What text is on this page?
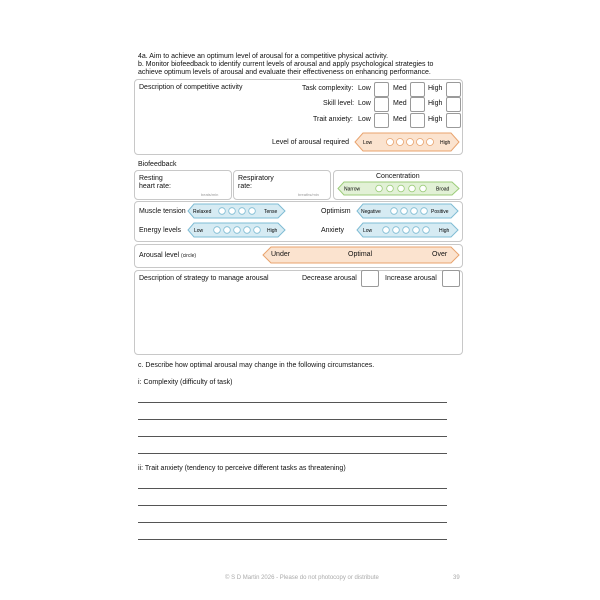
4a. Aim to achieve an optimum level of arousal for a competitive physical activity.
b. Monitor biofeedback to identify current levels of arousal and apply psychological strategies to
achieve optimum levels of arousal and evaluate their effectiveness on enhancing performance.
Description of competitive activity	Task complexity: Low	Med	High
Skill level: Low	Med	High
Trait anxiety: Low	Med	High
Level of arousal required	Low	High
Biofeedback
Resting
heart rate:
beats/min
Respiratory
rate:
breaths/min
Concentration
Narrow	Broad
Muscle tension Relaxed	Tense	Optimism Negative	Positive
Energy levels	Low	High	Anxiety	Low	High
Arousal level (circle)	Under	Optimal	Over
Description of strategy to manage arousal	Decrease arousal	Increase arousal
c. Describe how optimal arousal may change in the following circumstances.
i: Complexity (difficulty of task)
ii: Trait anxiety (tendency to perceive different tasks as threatening)
© S D Martin 2026 - Please do not photocopy or distribute	39
